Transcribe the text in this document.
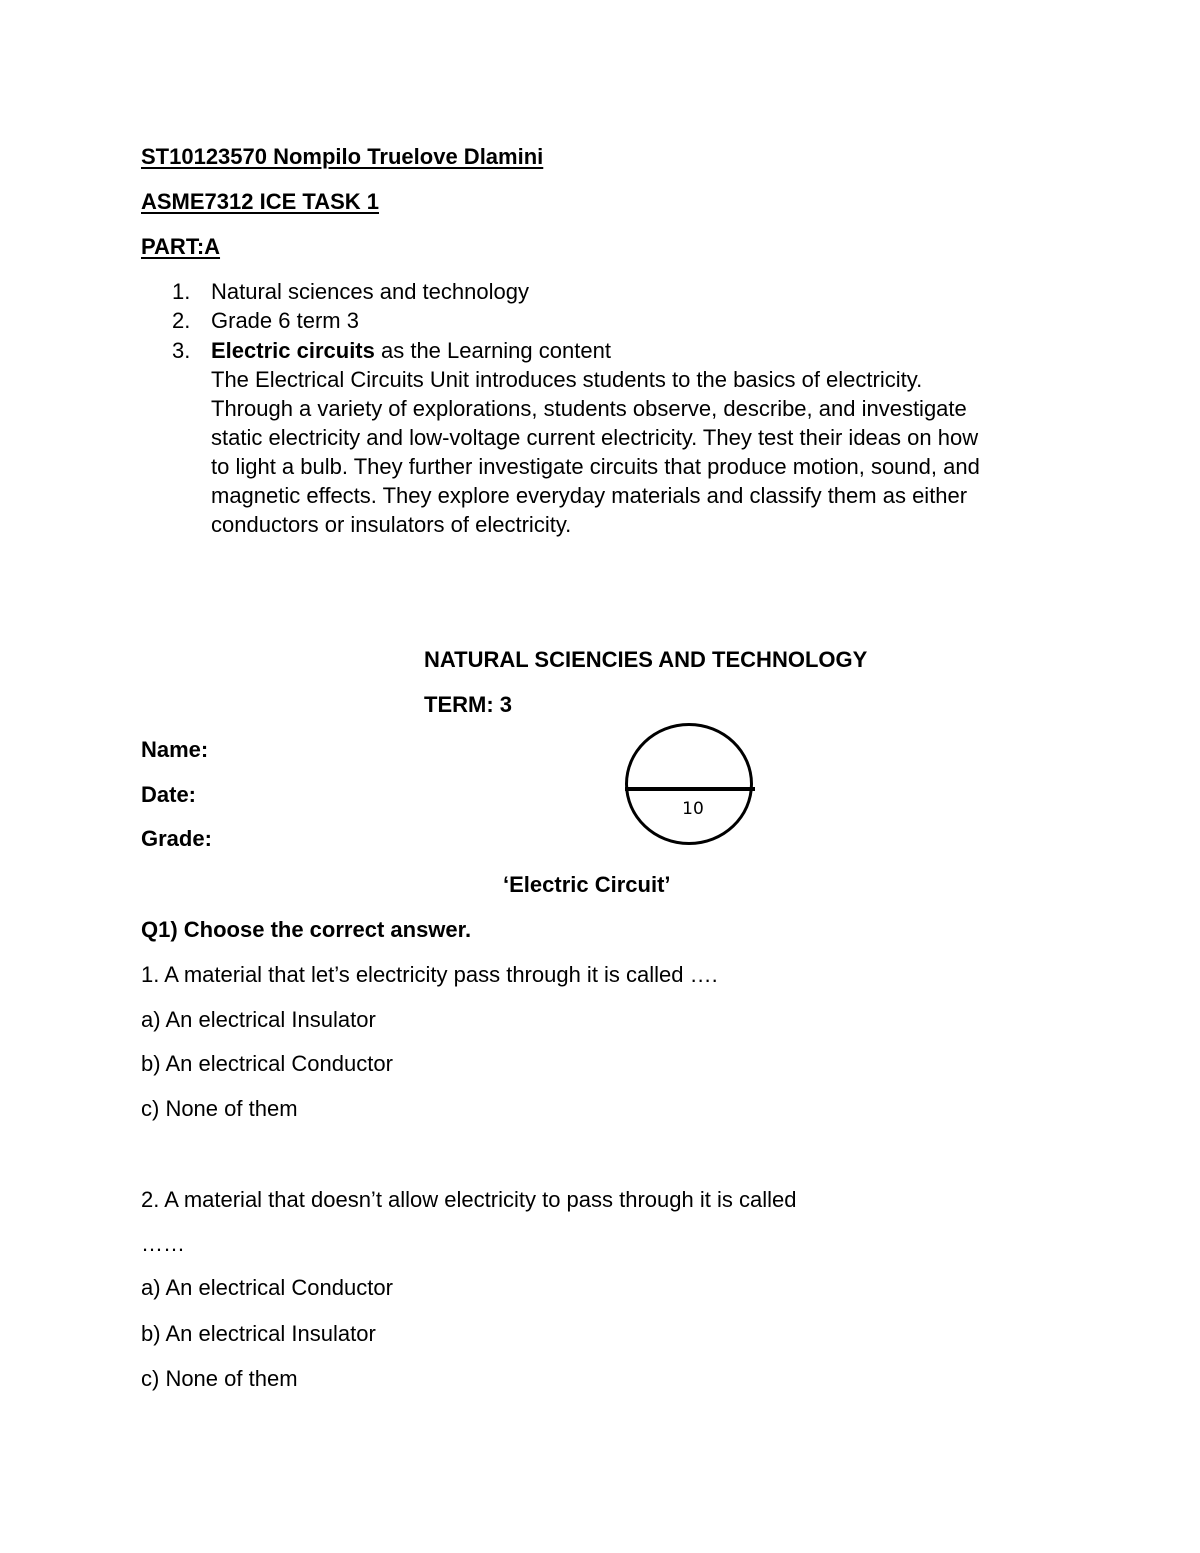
ST10123570 Nompilo Truelove Dlamini
ASME7312 ICE TASK 1
PART:A
1. Natural sciences and technology
2. Grade 6 term 3
3. Electric circuits as the Learning content
The Electrical Circuits Unit introduces students to the basics of electricity.
Through a variety of explorations, students observe, describe, and investigate
static electricity and low-voltage current electricity. They test their ideas on how
to light a bulb. They further investigate circuits that produce motion, sound, and
magnetic effects. They explore everyday materials and classify them as either
conductors or insulators of electricity.
NATURAL SCIENCIES AND TECHNOLOGY
TERM: 3
Name:
Date:
Grade:
10
‘Electric Circuit’
Q1) Choose the correct answer.
1. A material that let’s electricity pass through it is called ….
a) An electrical Insulator
b) An electrical Conductor
c) None of them
2. A material that doesn’t allow electricity to pass through it is called
……
a) An electrical Conductor
b) An electrical Insulator
c) None of them
